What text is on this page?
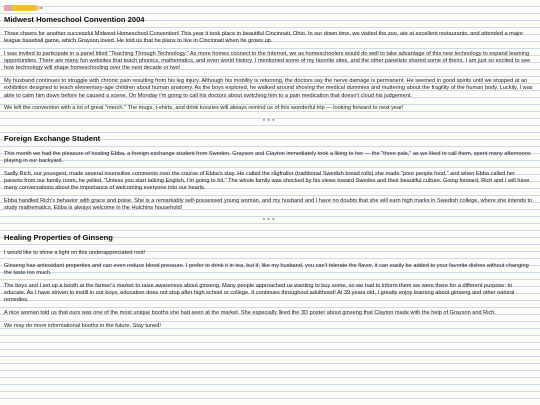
Midwest Homeschool Convention 2004

Three cheers for another successful Midwest Homeschool Convention! This year it took place in beautiful Cincinnati, Ohio. In our down time, we visited the zoo, ate at excellent restaurants, and attended a major league baseball game, which Grayson loved. He told us that he plans to live in Cincinnati when he grows up.

I was invited to participate in a panel titled "Teaching Through Technology." As more homes connect to the Internet, we as homeschoolers would do well to take advantage of this new technology to expand learning opportunities. There are many fun websites that teach phonics, mathematics, and even world history. I mentioned some of my favorite sites, and the other panelists shared some of theirs. I am just so excited to see how technology will shape homeschooling over the next decade or two!

My husband continues to struggle with chronic pain resulting from his leg injury. Although his mobility is returning, the doctors say the nerve damage is permanent. He seemed in good spirits until we stopped at an exhibition designed to teach elementary-age children about human anatomy. As the boys explored, he walked around shoving the medical dummies and muttering about the fragility of the human body. Luckily, I was able to calm him down before he caused a scene. On Monday I'm going to call his doctors about switching him to a pain medication that doesn't cloud his judgement.

We left the convention with a lot of great "merch." The mugs, t-shirts, and drink koozies will always remind us of this wonderful trip — looking forward to next year!

* * *
Foreign Exchange Student

This month we had the pleasure of hosting Ebba, a foreign exchange student from Sweden. Grayson and Clayton immediately took a liking to her — the "three pals," as we liked to call them, spent many afternoons playing in our backyard.

Sadly Rich, our youngest, made several insensitive comments over the course of Ebba's stay. He called the rågfrallor (traditional Swedish bread rolls) she made "poor people food," and when Ebba called her parents from our family room, he yelled, "Unless you start talking English, I'm going to hit." The whole family was shocked by his views toward Swedes and their beautiful culture. Going forward, Rich and I will have many conversations about the importance of welcoming everyone into our hearts.

Ebba handled Rich's behavior with grace and poise. She is a remarkably self-possessed young woman, and my husband and I have no doubts that she will earn high marks in Swedish college, where she intends to study mathematics. Ebba is always welcome in the Hutchins household!

* * *
Healing Properties of Ginseng

I would like to shine a light on this underappreciated root!

Ginseng has antioxidant properties and can even reduce blood pressure. I prefer to drink it in tea, but if, like my husband, you can't tolerate the flavor, it can easily be added to your favorite dishes without changing the taste too much.

The boys and I set up a booth at the farmer's market to raise awareness about ginseng. Many people approached us wanting to buy some, so we had to inform them we were there for a different purpose: to educate. As I have striven to instill in our boys, education does not stop after high school or college. It continues throughout adulthood! At 39 years old, I greatly enjoy learning about ginseng and other natural remedies.

A nice woman told us that ours was one of the most unique booths she had seen at the market. She especially liked the 3D poster about ginseng that Clayton made with the help of Grayson and Rich.

We may do more informational booths in the future. Stay tuned!
